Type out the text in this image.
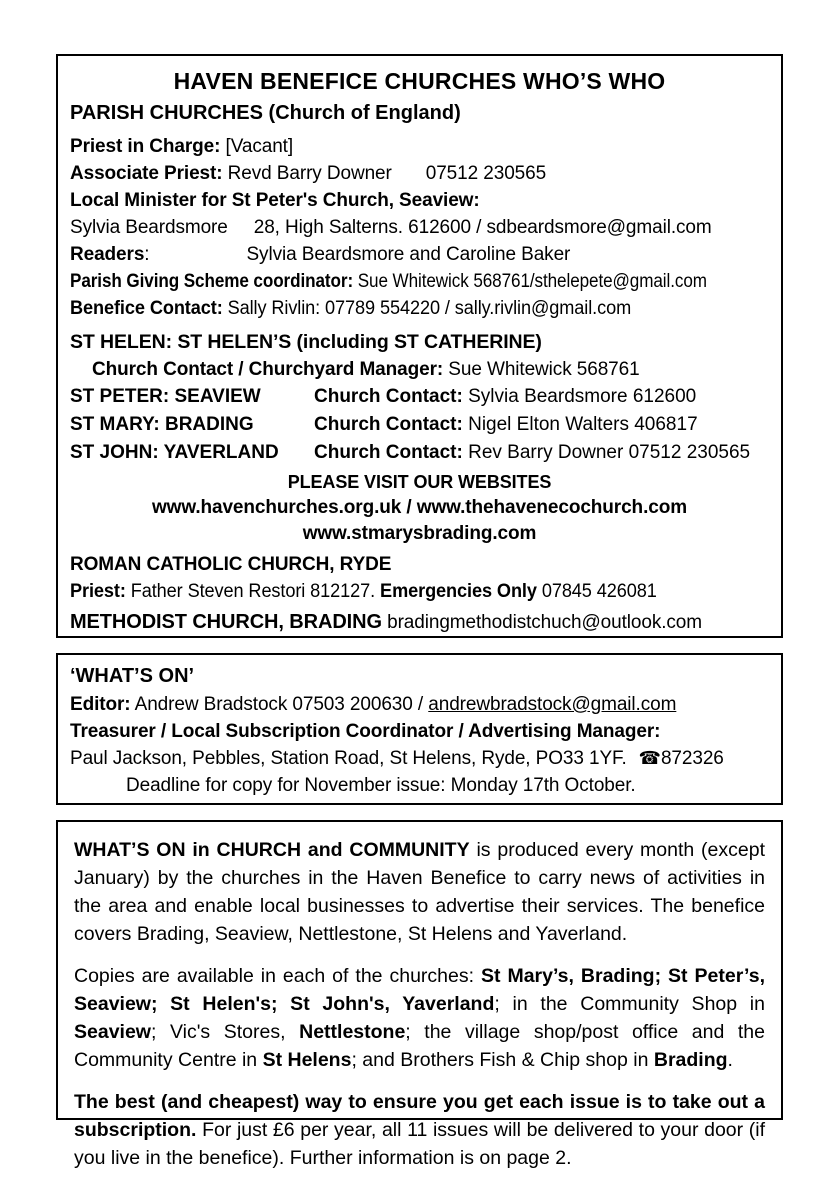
HAVEN BENEFICE CHURCHES WHO’S WHO
PARISH CHURCHES (Church of England)
Priest in Charge: [Vacant]
Associate Priest: Revd Barry Downer 07512 230565
Local Minister for St Peter's Church, Seaview:
Sylvia Beardsmore 28, High Salterns. 612600 / sdbeardsmore@gmail.com
Readers:	Sylvia Beardsmore and Caroline Baker
Parish Giving Scheme coordinator: Sue Whitewick 568761/sthelepete@gmail.com
Benefice Contact: Sally Rivlin: 07789 554220 / sally.rivlin@gmail.com
ST HELEN: ST HELEN’S (including ST CATHERINE)
Church Contact / Churchyard Manager: Sue Whitewick 568761
ST PETER: SEAVIEW	Church Contact: Sylvia Beardsmore 612600
ST MARY: BRADING	Church Contact: Nigel Elton Walters 406817
ST JOHN: YAVERLAND	Church Contact: Rev Barry Downer 07512 230565
PLEASE VISIT OUR WEBSITES
www.havenchurches.org.uk / www.thehavenecochurch.com
www.stmarysbrading.com
ROMAN CATHOLIC CHURCH, RYDE
Priest: Father Steven Restori 812127. Emergencies Only 07845 426081
METHODIST CHURCH, BRADING bradingmethodistchuch@outlook.com
‘WHAT’S ON’
Editor: Andrew Bradstock 07503 200630 / andrewbradstock@gmail.com
Treasurer / Local Subscription Coordinator / Advertising Manager:
Paul Jackson, Pebbles, Station Road, St Helens, Ryde, PO33 1YF. ☎872326
Deadline for copy for November issue: Monday 17th October.

WHAT’S ON in CHURCH and COMMUNITY is produced every month (except January) by the churches in the Haven Benefice to carry news of activities in the area and enable local businesses to advertise their services. The benefice covers Brading, Seaview, Nettlestone, St Helens and Yaverland.

Copies are available in each of the churches: St Mary’s, Brading; St Peter’s, Seaview; St Helen's; St John's, Yaverland; in the Community Shop in Seaview; Vic's Stores, Nettlestone; the village shop/post office and the Community Centre in St Helens; and Brothers Fish & Chip shop in Brading.

The best (and cheapest) way to ensure you get each issue is to take out a subscription. For just £6 per year, all 11 issues will be delivered to your door (if you live in the benefice). Further information is on page 2.
